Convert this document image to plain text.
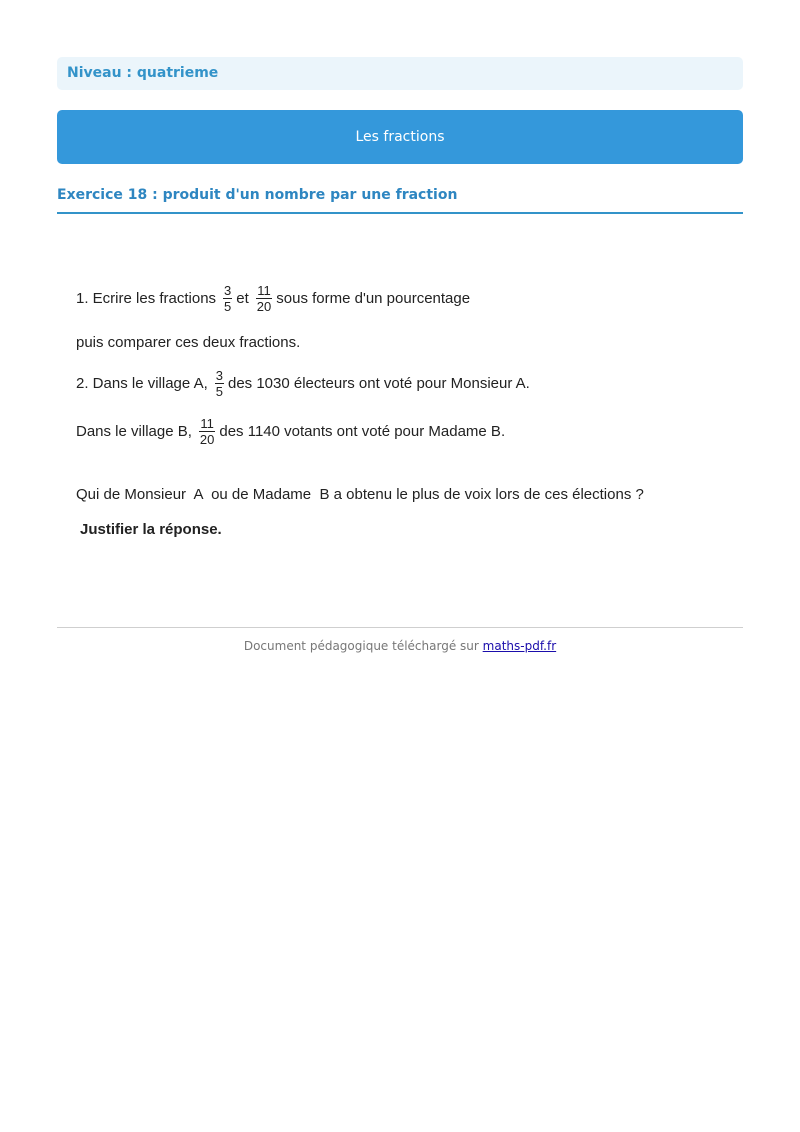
Niveau : quatrieme
Les fractions
Exercice 18 : produit d'un nombre par une fraction
1. Ecrire les fractions $\frac{3}{5}$ et $\frac{11}{20}$ sous forme d'un pourcentage
puis comparer ces deux fractions.
2. Dans le village A, $\frac{3}{5}$ des 1030 électeurs ont voté pour Monsieur A.
Dans le village B, $\frac{11}{20}$ des 1140 votants ont voté pour Madame B.
Qui de Monsieur  A  ou de Madame  B a obtenu le plus de voix lors de ces élections ?
Justifier la réponse.
Document pédagogique téléchargé sur maths-pdf.fr
